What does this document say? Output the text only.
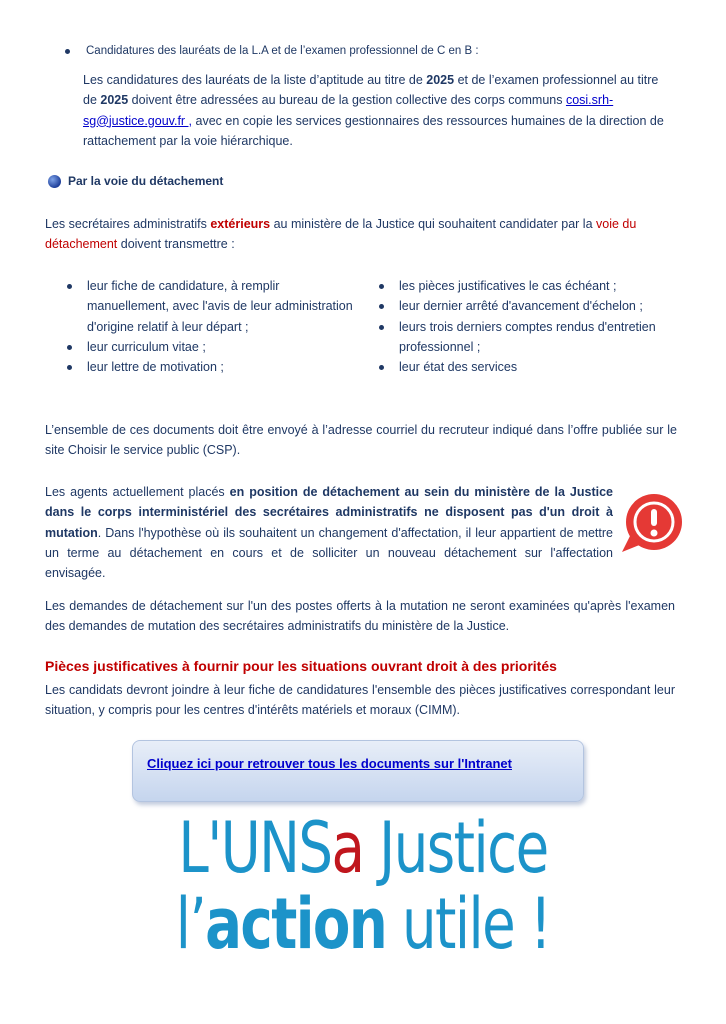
Candidatures des lauréats de la L.A et de l’examen professionnel de C en B :

Les candidatures des lauréats de la liste d’aptitude au titre de 2025 et de l’examen professionnel au titre de 2025 doivent être adressées au bureau de la gestion collective des corps communs cosi.srh-sg@justice.gouv.fr , avec en copie les services gestionnaires des ressources humaines de la direction de rattachement par la voie hiérarchique.

Par la voie du détachement

Les secrétaires administratifs extérieurs au ministère de la Justice qui souhaitent candidater par la voie du détachement doivent transmettre :

leur fiche de candidature, à remplir manuellement, avec l'avis de leur administration d'origine relatif à leur départ ;
leur curriculum vitae ;
leur lettre de motivation ;
les pièces justificatives le cas échéant ;
leur dernier arrêté d'avancement d'échelon ;
leurs trois derniers comptes rendus d'entretien professionnel ;
leur état des services

L’ensemble de ces documents doit être envoyé à l’adresse courriel du recruteur indiqué dans l’offre publiée sur le site Choisir le service public (CSP).

Les agents actuellement placés en position de détachement au sein du ministère de la Justice dans le corps interministériel des secrétaires administratifs ne disposent pas d'un droit à mutation. Dans l'hypothèse où ils souhaitent un changement d'affectation, il leur appartient de mettre un terme au détachement en cours et de solliciter un nouveau détachement sur l'affectation envisagée.

Les demandes de détachement sur l'un des postes offerts à la mutation ne seront examinées qu'après l'examen des demandes de mutation des secrétaires administratifs du ministère de la Justice.

Pièces justificatives à fournir pour les situations ouvrant droit à des priorités

Les candidats devront joindre à leur fiche de candidatures l'ensemble des pièces justificatives correspondant leur situation, y compris pour les centres d'intérêts matériels et moraux (CIMM).

Cliquez ici pour retrouver tous les documents sur l'Intranet
L'UNSa Justice
l’action utile !
